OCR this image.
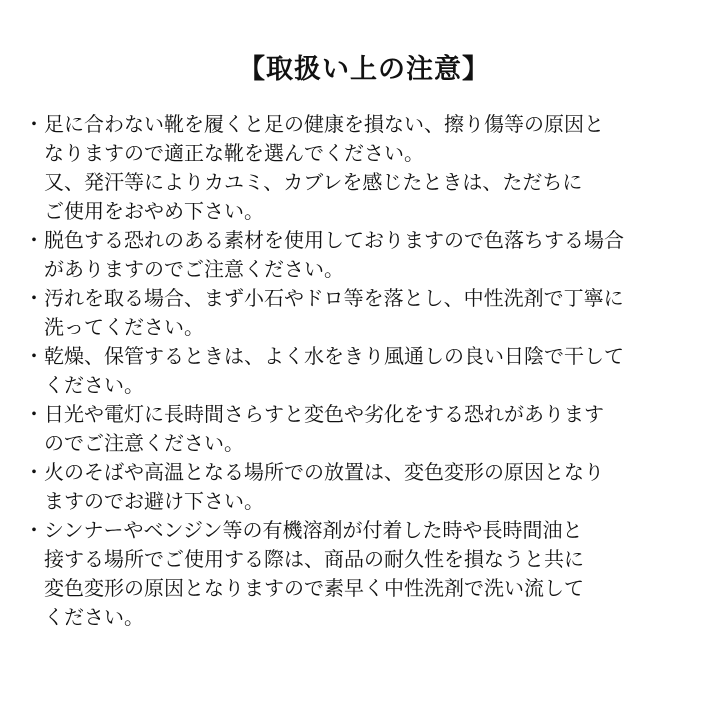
【取扱い上の注意】
・ 足に合わない靴を履くと足の健康を損ない、擦り傷等の原因と
なりますので適正な靴を選んでください。
又、発汗等によりカユミ、カブレを感じたときは、ただちに
ご使用をおやめ下さい。
・ 脱色する恐れのある素材を使用しておりますので色落ちする場合
がありますのでご注意ください。
・ 汚れを取る場合、まず小石やドロ等を落とし、中性洗剤で丁寧に
洗ってください。
・ 乾燥、保管するときは、よく水をきり風通しの良い日陰で干して
ください。
・ 日光や電灯に長時間さらすと変色や劣化をする恐れがあります
のでご注意ください。
・ 火のそばや高温となる場所での放置は、変色変形の原因となり
ますのでお避け下さい。
・ シンナーやベンジン等の有機溶剤が付着した時や長時間油と
接する場所でご使用する際は、商品の耐久性を損なうと共に
変色変形の原因となりますので素早く中性洗剤で洗い流して
ください。
